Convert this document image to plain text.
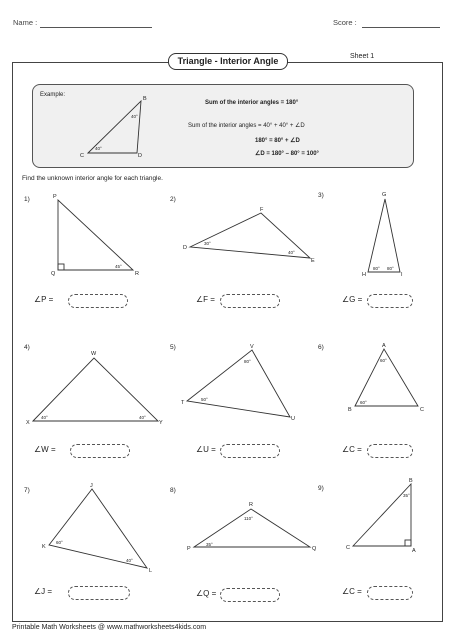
Name :	Score :
Triangle - Interior Angle	Sheet 1
Example:
Sum of the interior angles = 180°
Sum of the interior angles = 40° + 40° + ∠D
180° = 80° + ∠D
∠D = 180° – 80° = 100°
Find the unknown interior angle for each triangle.
1)	2)
3)
4)	5)	6)
7)	8)	9)
∠P =	∠F =	∠G =
∠W =	∠U =	∠C =
∠J =	∠Q =	∠C =
Printable Math Worksheets @ www.mathworksheets4kids.com
B
C	D
40°
40°
P
Q	R
45°
D
F
E
30°
40°
G
H	I
80° 80°
W
X	Y
40°	40°
V
T
U
80°
50°
A
B	C
60°
60°
J
K
L
60°
40°
R
P	Q
110°
35°
B
C	A
35°
